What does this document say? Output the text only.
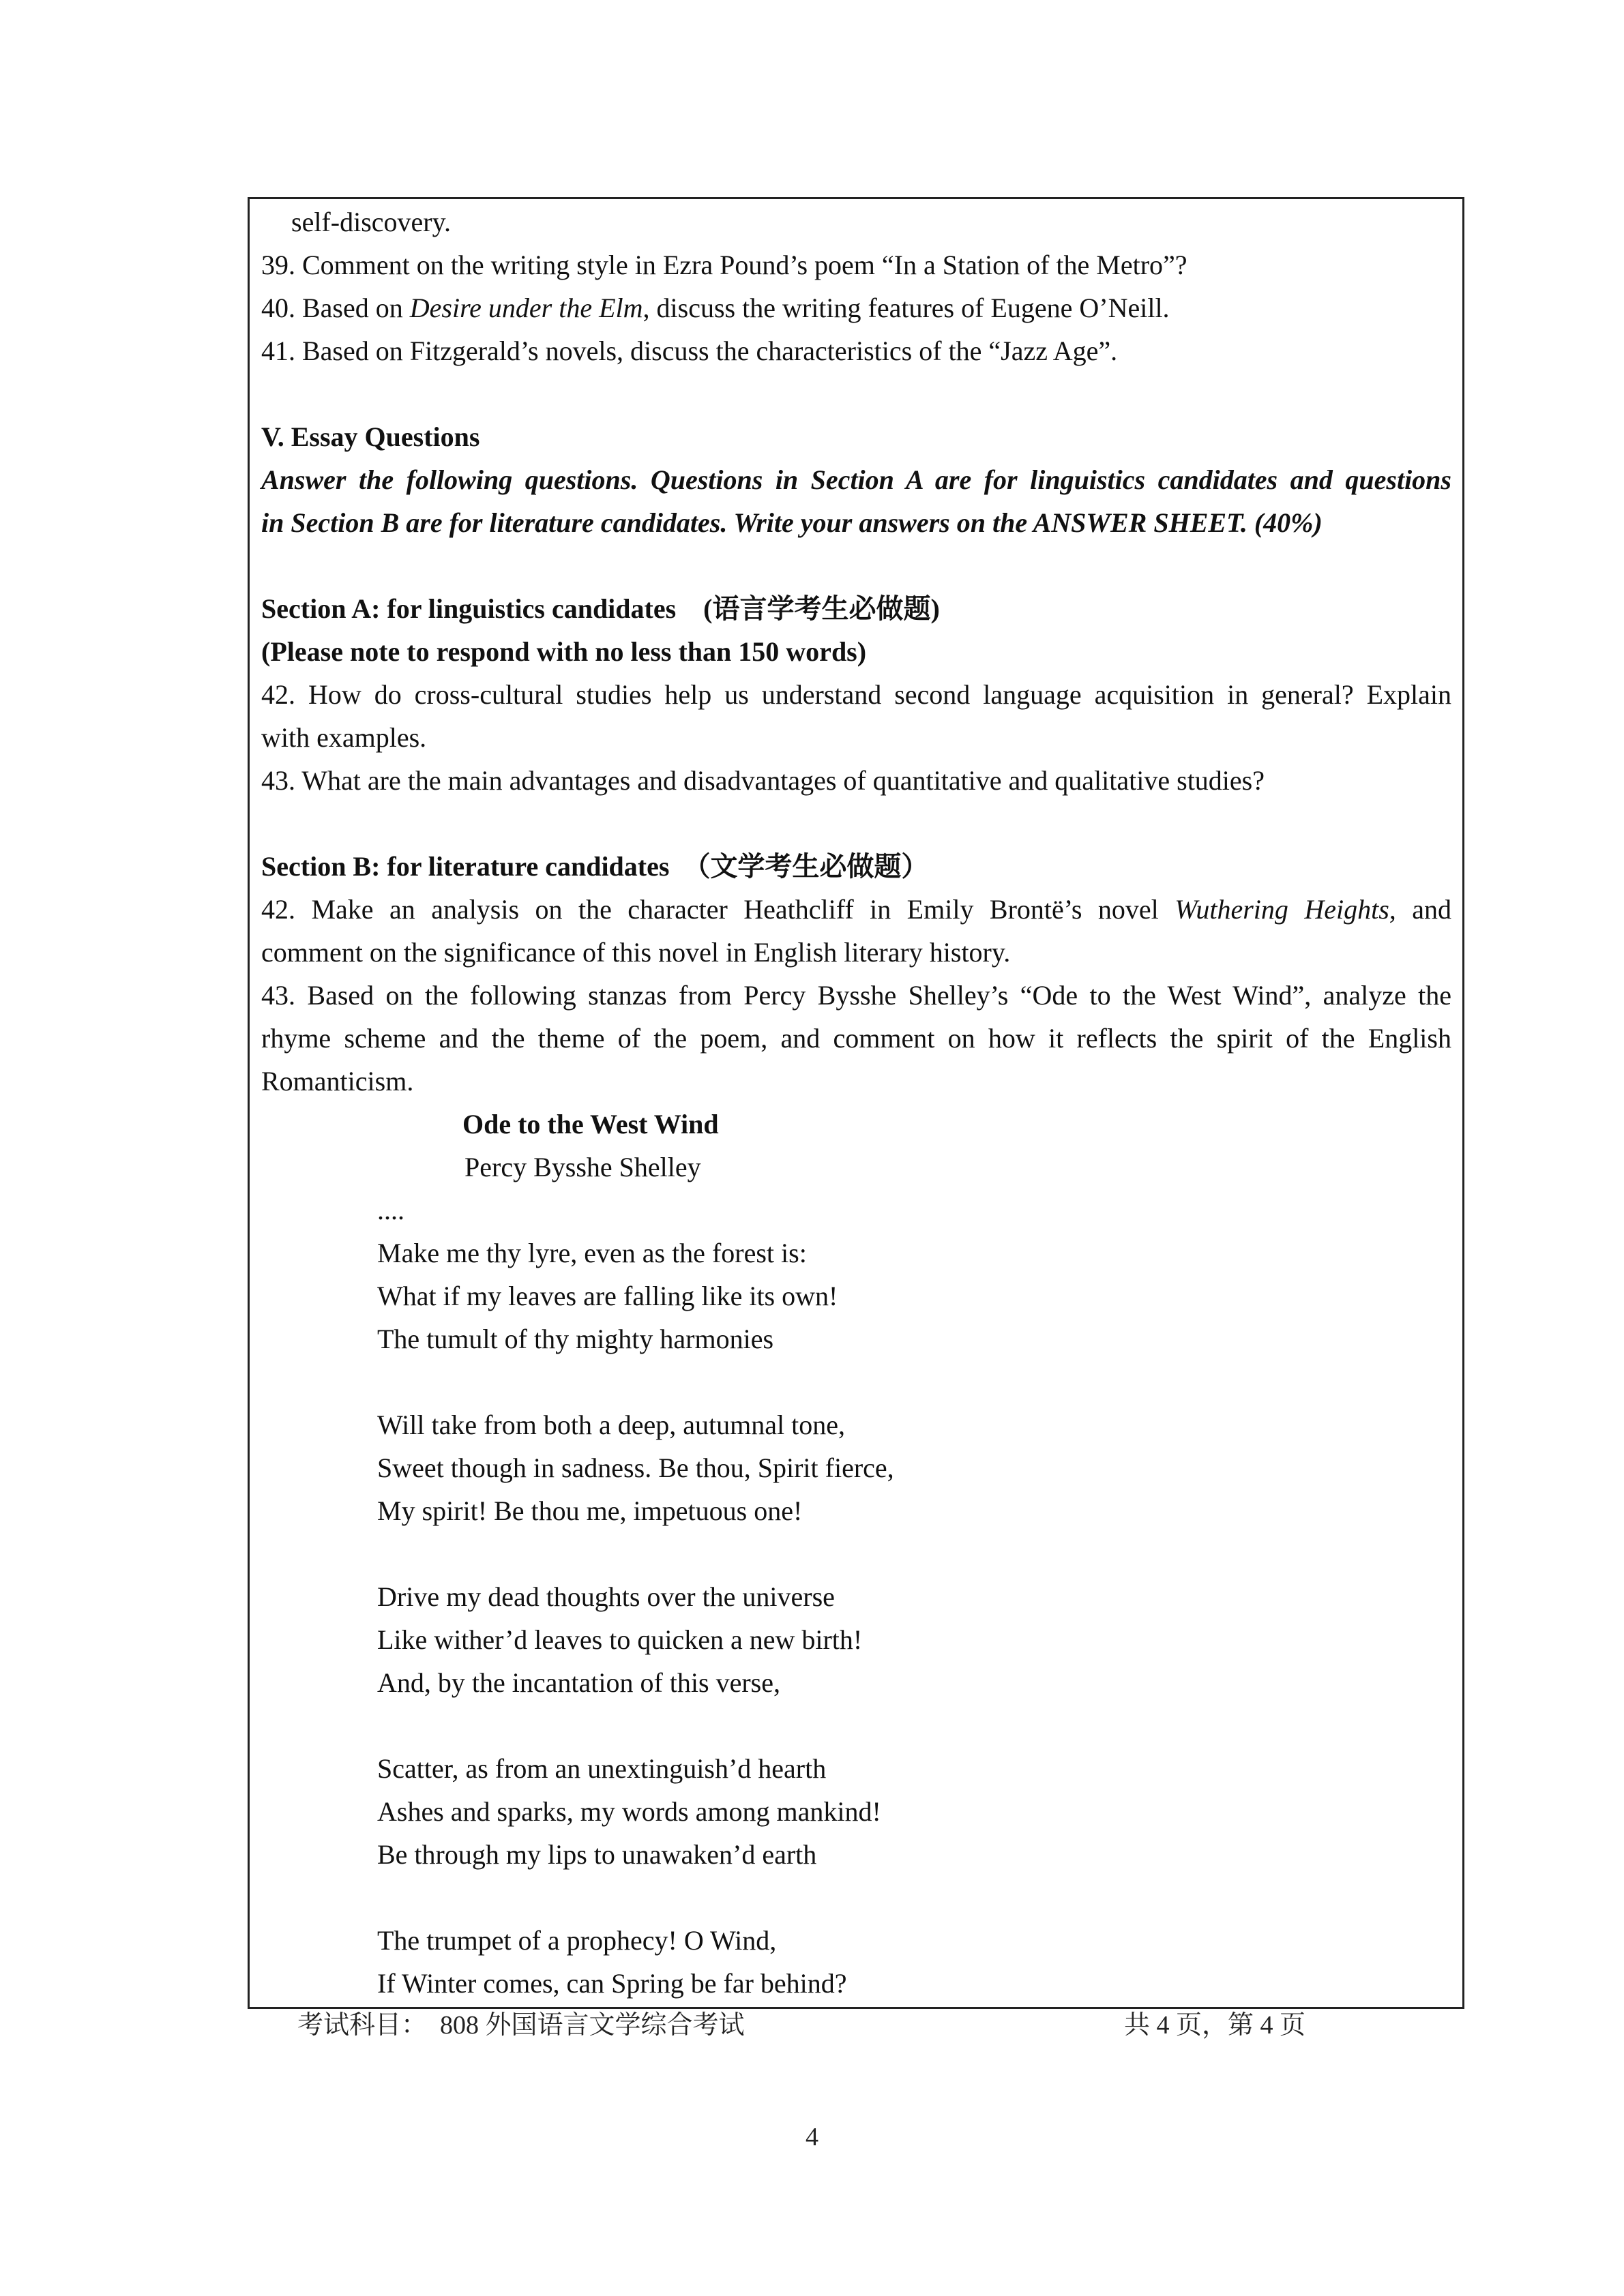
self-discovery.
39. Comment on the writing style in Ezra Pound’s poem “In a Station of the Metro”?
40. Based on Desire under the Elm, discuss the writing features of Eugene O’Neill.
41. Based on Fitzgerald’s novels, discuss the characteristics of the “Jazz Age”.
V. Essay Questions
Answer the following questions. Questions in Section A are for linguistics candidates and questions
in Section B are for literature candidates. Write your answers on the ANSWER SHEET. (40%)
Section A: for linguistics candidates　(语言学考生必做题)
(Please note to respond with no less than 150 words)
42. How do cross-cultural studies help us understand second language acquisition in general? Explain
with examples.
43. What are the main advantages and disadvantages of quantitative and qualitative studies?
Section B: for literature candidates　（文学考生必做题）
42. Make an analysis on the character Heathcliff in Emily Brontë’s novel Wuthering Heights, and
comment on the significance of this novel in English literary history.
43. Based on the following stanzas from Percy Bysshe Shelley’s “Ode to the West Wind”, analyze the
rhyme scheme and the theme of the poem, and comment on how it reflects the spirit of the English
Romanticism.
Ode to the West Wind
Percy Bysshe Shelley
....
Make me thy lyre, even as the forest is:
What if my leaves are falling like its own!
The tumult of thy mighty harmonies
Will take from both a deep, autumnal tone,
Sweet though in sadness. Be thou, Spirit fierce,
My spirit! Be thou me, impetuous one!
Drive my dead thoughts over the universe
Like wither’d leaves to quicken a new birth!
And, by the incantation of this verse,
Scatter, as from an unextinguish’d hearth
Ashes and sparks, my words among mankind!
Be through my lips to unawaken’d earth
The trumpet of a prophecy! O Wind,
If Winter comes, can Spring be far behind?
考试科目：　808 外国语言文学综合考试	共 4 页，第 4 页
4
